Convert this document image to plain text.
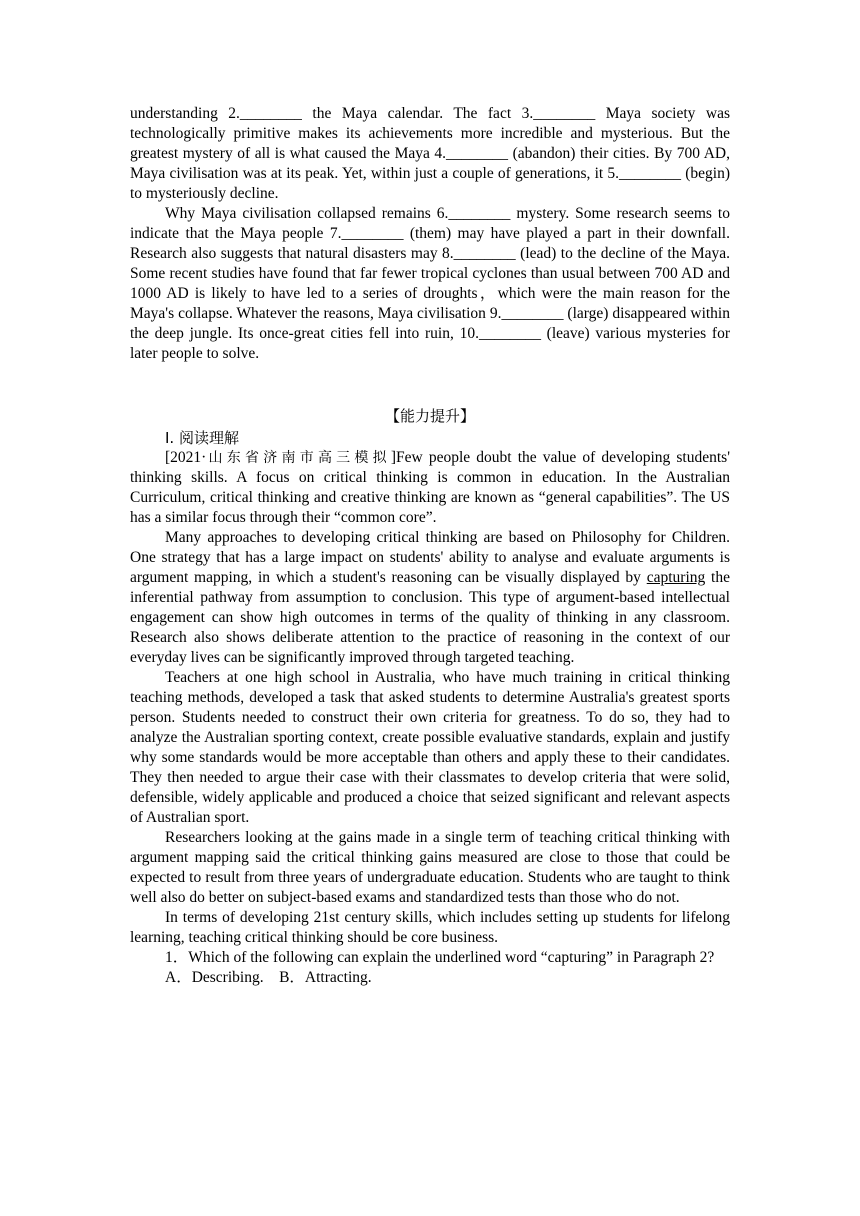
understanding 2.________ the Maya calendar. The fact 3.________ Maya society was technologically primitive makes its achievements more incredible and mysterious. But the greatest mystery of all is what caused the Maya 4.________ (abandon) their cities. By 700 AD, Maya civilisation was at its peak. Yet, within just a couple of generations, it 5.________ (begin) to mysteriously decline.

Why Maya civilisation collapsed remains 6.________ mystery. Some research seems to indicate that the Maya people 7.________ (them) may have played a part in their downfall. Research also suggests that natural disasters may 8.________ (lead) to the decline of the Maya. Some recent studies have found that far fewer tropical cyclones than usual between 700 AD and 1000 AD is likely to have led to a series of droughts，which were the main reason for the Maya's collapse. Whatever the reasons, Maya civilisation 9.________ (large) disappeared within the deep jungle. Its once-great cities fell into ruin, 10.________ (leave) various mysteries for later people to solve.

【能力提升】

Ⅰ. 阅读理解

[2021·山东省济南市高三模拟]Few people doubt the value of developing students' thinking skills. A focus on critical thinking is common in education. In the Australian Curriculum, critical thinking and creative thinking are known as “general capabilities”. The US has a similar focus through their “common core”.

Many approaches to developing critical thinking are based on Philosophy for Children. One strategy that has a large impact on students' ability to analyse and evaluate arguments is argument mapping, in which a student's reasoning can be visually displayed by capturing the inferential pathway from assumption to conclusion. This type of argument-based intellectual engagement can show high outcomes in terms of the quality of thinking in any classroom. Research also shows deliberate attention to the practice of reasoning in the context of our everyday lives can be significantly improved through targeted teaching.

Teachers at one high school in Australia, who have much training in critical thinking teaching methods, developed a task that asked students to determine Australia's greatest sports person. Students needed to construct their own criteria for greatness. To do so, they had to analyze the Australian sporting context, create possible evaluative standards, explain and justify why some standards would be more acceptable than others and apply these to their candidates. They then needed to argue their case with their classmates to develop criteria that were solid, defensible, widely applicable and produced a choice that seized significant and relevant aspects of Australian sport.

Researchers looking at the gains made in a single term of teaching critical thinking with argument mapping said the critical thinking gains measured are close to those that could be expected to result from three years of undergraduate education. Students who are taught to think well also do better on subject-based exams and standardized tests than those who do not.

In terms of developing 21st century skills, which includes setting up students for lifelong learning, teaching critical thinking should be core business.

1．Which of the following can explain the underlined word “capturing” in Paragraph 2?

A．Describing.    B．Attracting.
